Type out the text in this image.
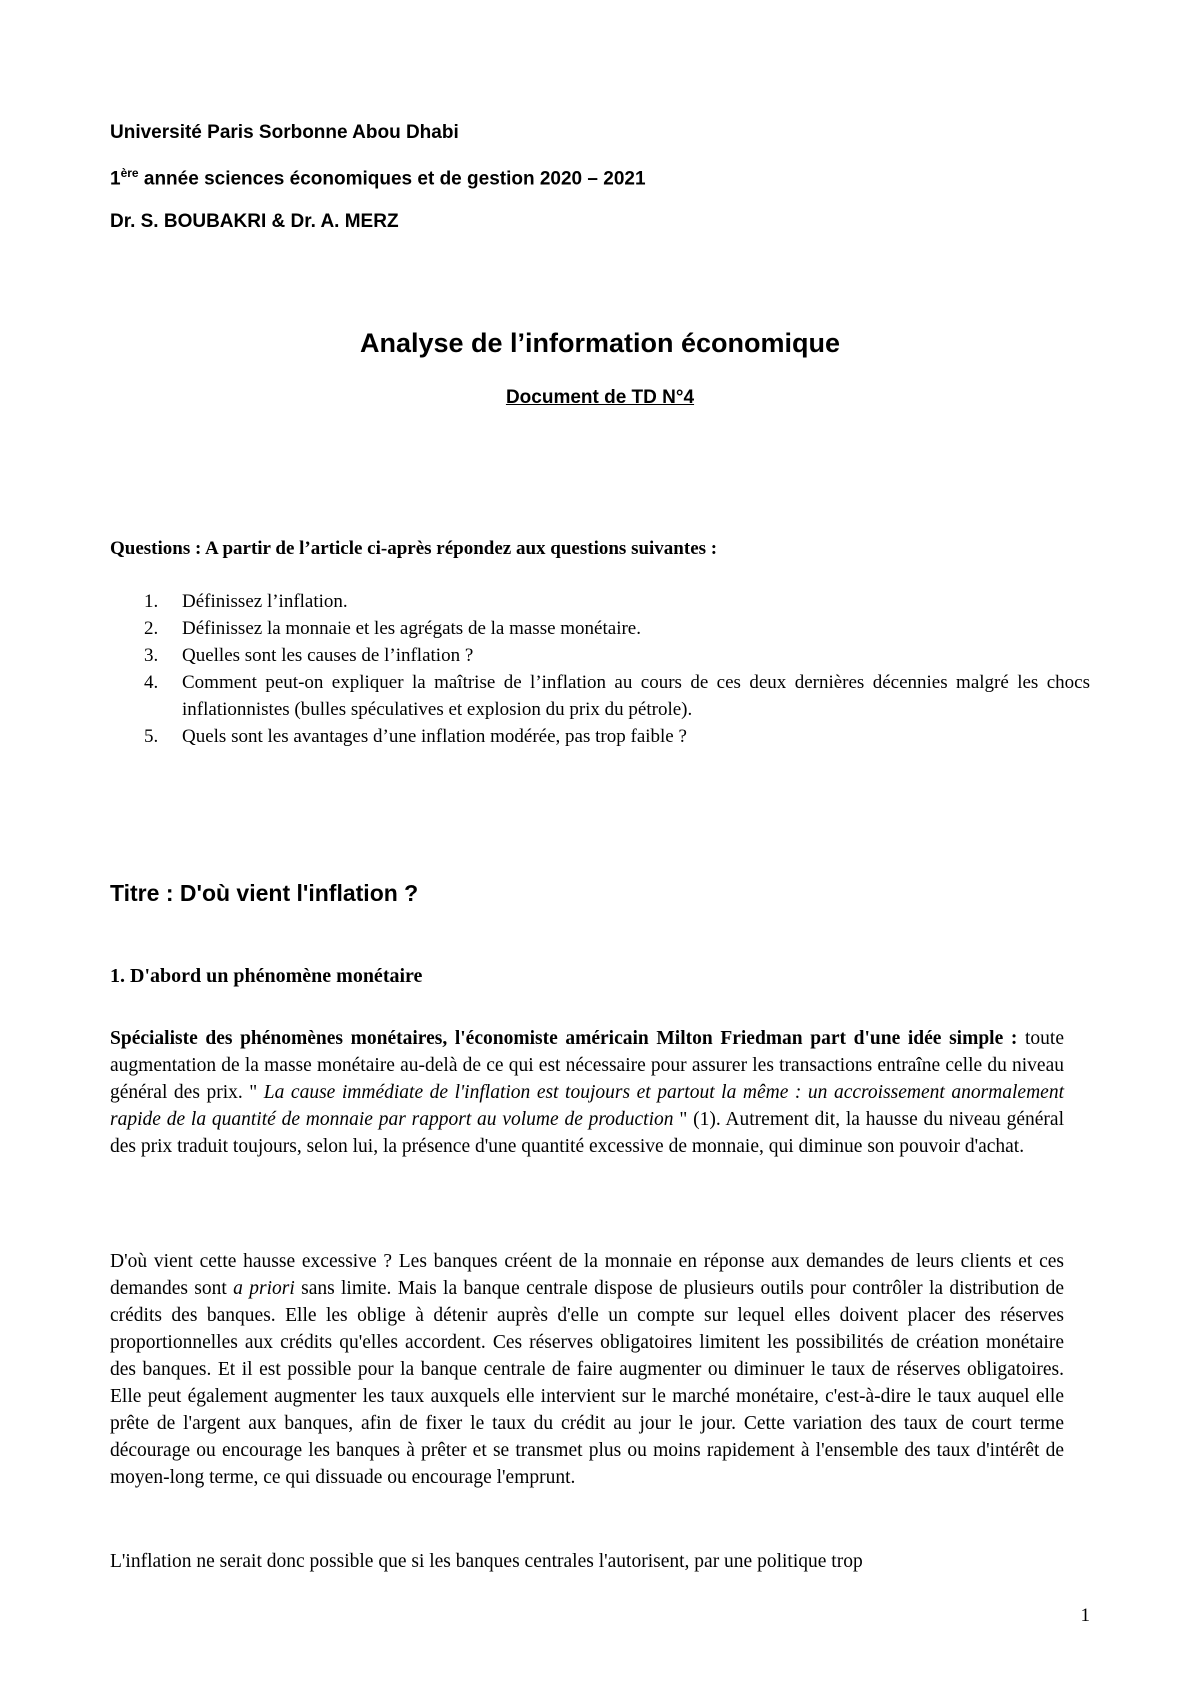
Université Paris Sorbonne Abou Dhabi
1ère année sciences économiques et de gestion 2020 – 2021
Dr. S. BOUBAKRI & Dr. A. MERZ
Analyse de l’information économique
Document de TD N°4
Questions : A partir de l’article ci-après répondez aux questions suivantes :
1. Définissez l’inflation.
2. Définissez la monnaie et les agrégats de la masse monétaire.
3. Quelles sont les causes de l’inflation ?
4. Comment peut-on expliquer la maîtrise de l’inflation au cours de ces deux dernières décennies malgré les chocs inflationnistes (bulles spéculatives et explosion du prix du pétrole).
5. Quels sont les avantages d’une inflation modérée, pas trop faible ?
Titre : D'où vient l'inflation ?
1. D'abord un phénomène monétaire

Spécialiste des phénomènes monétaires, l'économiste américain Milton Friedman part d'une idée simple : toute augmentation de la masse monétaire au-delà de ce qui est nécessaire pour assurer les transactions entraîne celle du niveau général des prix. " La cause immédiate de l'inflation est toujours et partout la même : un accroissement anormalement rapide de la quantité de monnaie par rapport au volume de production " (1). Autrement dit, la hausse du niveau général des prix traduit toujours, selon lui, la présence d'une quantité excessive de monnaie, qui diminue son pouvoir d'achat.

D'où vient cette hausse excessive ? Les banques créent de la monnaie en réponse aux demandes de leurs clients et ces demandes sont a priori sans limite. Mais la banque centrale dispose de plusieurs outils pour contrôler la distribution de crédits des banques. Elle les oblige à détenir auprès d'elle un compte sur lequel elles doivent placer des réserves proportionnelles aux crédits qu'elles accordent. Ces réserves obligatoires limitent les possibilités de création monétaire des banques. Et il est possible pour la banque centrale de faire augmenter ou diminuer le taux de réserves obligatoires. Elle peut également augmenter les taux auxquels elle intervient sur le marché monétaire, c'est-à-dire le taux auquel elle prête de l'argent aux banques, afin de fixer le taux du crédit au jour le jour. Cette variation des taux de court terme décourage ou encourage les banques à prêter et se transmet plus ou moins rapidement à l'ensemble des taux d'intérêt de moyen-long terme, ce qui dissuade ou encourage l'emprunt.

L'inflation ne serait donc possible que si les banques centrales l'autorisent, par une politique trop

1
